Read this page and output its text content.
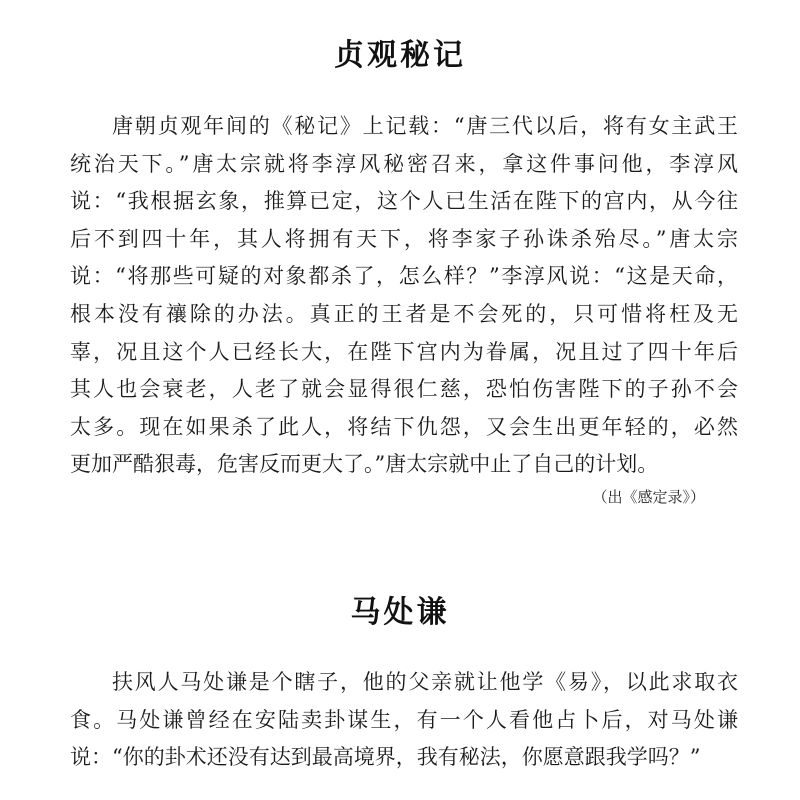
贞观秘记
唐朝贞观年间的《秘记》上记载：“唐三代以后，将有女主武王
统治天下。”唐太宗就将李淳风秘密召来，拿这件事问他，李淳风
说：“我根据玄象，推算已定，这个人已生活在陛下的宫内，从今往
后不到四十年，其人将拥有天下，将李家子孙诛杀殆尽。”唐太宗
说：“将那些可疑的对象都杀了，怎么样？”李淳风说：“这是天命，
根本没有禳除的办法。真正的王者是不会死的，只可惜将枉及无
辜，况且这个人已经长大，在陛下宫内为眷属，况且过了四十年后
其人也会衰老，人老了就会显得很仁慈，恐怕伤害陛下的子孙不会
太多。现在如果杀了此人，将结下仇怨，又会生出更年轻的，必然
更加严酷狠毒，危害反而更大了。”唐太宗就中止了自己的计划。

（出《感定录》）

马处谦
扶风人马处谦是个瞎子，他的父亲就让他学《易》，以此求取衣
食。马处谦曾经在安陆卖卦谋生，有一个人看他占卜后，对马处谦
说：“你的卦术还没有达到最高境界，我有秘法，你愿意跟我学吗？”
